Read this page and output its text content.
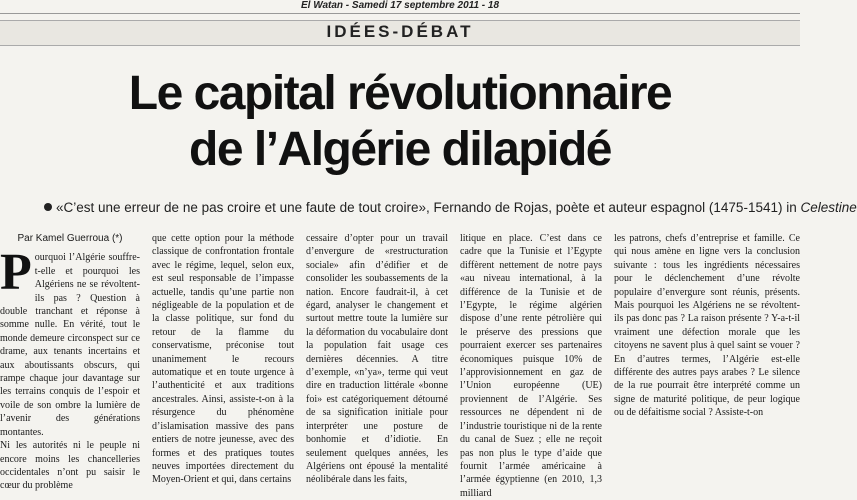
El Watan - Samedi 17 septembre 2011 - 18
IDÉES-DÉBAT
Le capital révolutionnaire
de l’Algérie dilapidé
«C’est une erreur de ne pas croire et une faute de tout croire», Fernando de Rojas, poète et auteur espagnol (1475-1541) in Celestine

Par Kamel Guerroua (*)

Pourquoi l’Algérie souffre-t-elle et pourquoi les Algériens ne se révoltent-ils pas ? Question à double tranchant et réponse à somme nulle. En vérité, tout le monde demeure circonspect sur ce drame, aux tenants incertains et aux aboutissants obscurs, qui rampe chaque jour davantage sur les terrains conquis de l’espoir et voile de son ombre la lumière de l’avenir des générations montantes.

Ni les autorités ni le peuple ni encore moins les chancelleries occidentales n’ont pu saisir le cœur du problème

que cette option pour la méthode classique de confrontation frontale avec le régime, lequel, selon eux, est seul responsable de l’impasse actuelle, tandis qu’une partie non négligeable de la population et de la classe politique, sur fond du retour de la flamme du conservatisme, préconise tout unanimement le recours automatique et en toute urgence à l’authenticité et aux traditions ancestrales. Ainsi, assiste-t-on à la résurgence du phénomène d’islamisation massive des pans entiers de notre jeunesse, avec des formes et des pratiques toutes neuves importées directement du Moyen-Orient et qui, dans certains

cessaire d’opter pour un travail d’envergure de «restructuration sociale» afin d’édifier et de consolider les soubassements de la nation. Encore faudrait-il, à cet égard, analyser le changement et surtout mettre toute la lumière sur la déformation du vocabulaire dont la population fait usage ces dernières décennies. A titre d’exemple, «n’ya», terme qui veut dire en traduction littérale «bonne foi» est catégoriquement détourné de sa signification initiale pour interpréter une posture de bonhomie et d’idiotie. En seulement quelques années, les Algériens ont épousé la mentalité néolibérale dans les faits,

litique en place. C’est dans ce cadre que la Tunisie et l’Egypte diffèrent nettement de notre pays «au niveau international, à la différence de la Tunisie et de l’Egypte, le régime algérien dispose d’une rente pétrolière qui le préserve des pressions que pourraient exercer ses partenaires économiques puisque 10% de l’approvisionnement en gaz de l’Union européenne (UE) proviennent de l’Algérie. Ses ressources ne dépendent ni de l’industrie touristique ni de la rente du canal de Suez ; elle ne reçoit pas non plus le type d’aide que fournit l’armée américaine à l’armée égyptienne (en 2010, 1,3 milliard

les patrons, chefs d’entreprise et famille. Ce qui nous amène en ligne vers la conclusion suivante : tous les ingrédients nécessaires pour le déclenchement d’une révolte populaire d’envergure sont réunis, présents. Mais pourquoi les Algériens ne se révoltent-ils pas donc pas ? La raison présente ? Y-a-t-il vraiment une défection morale que les citoyens ne savent plus à quel saint se vouer ? En d’autres termes, l’Algérie est-elle différente des autres pays arabes ? Le silence de la rue pourrait être interprété comme un signe de maturité politique, de peur logique ou de défaitisme social ? Assiste-t-on
